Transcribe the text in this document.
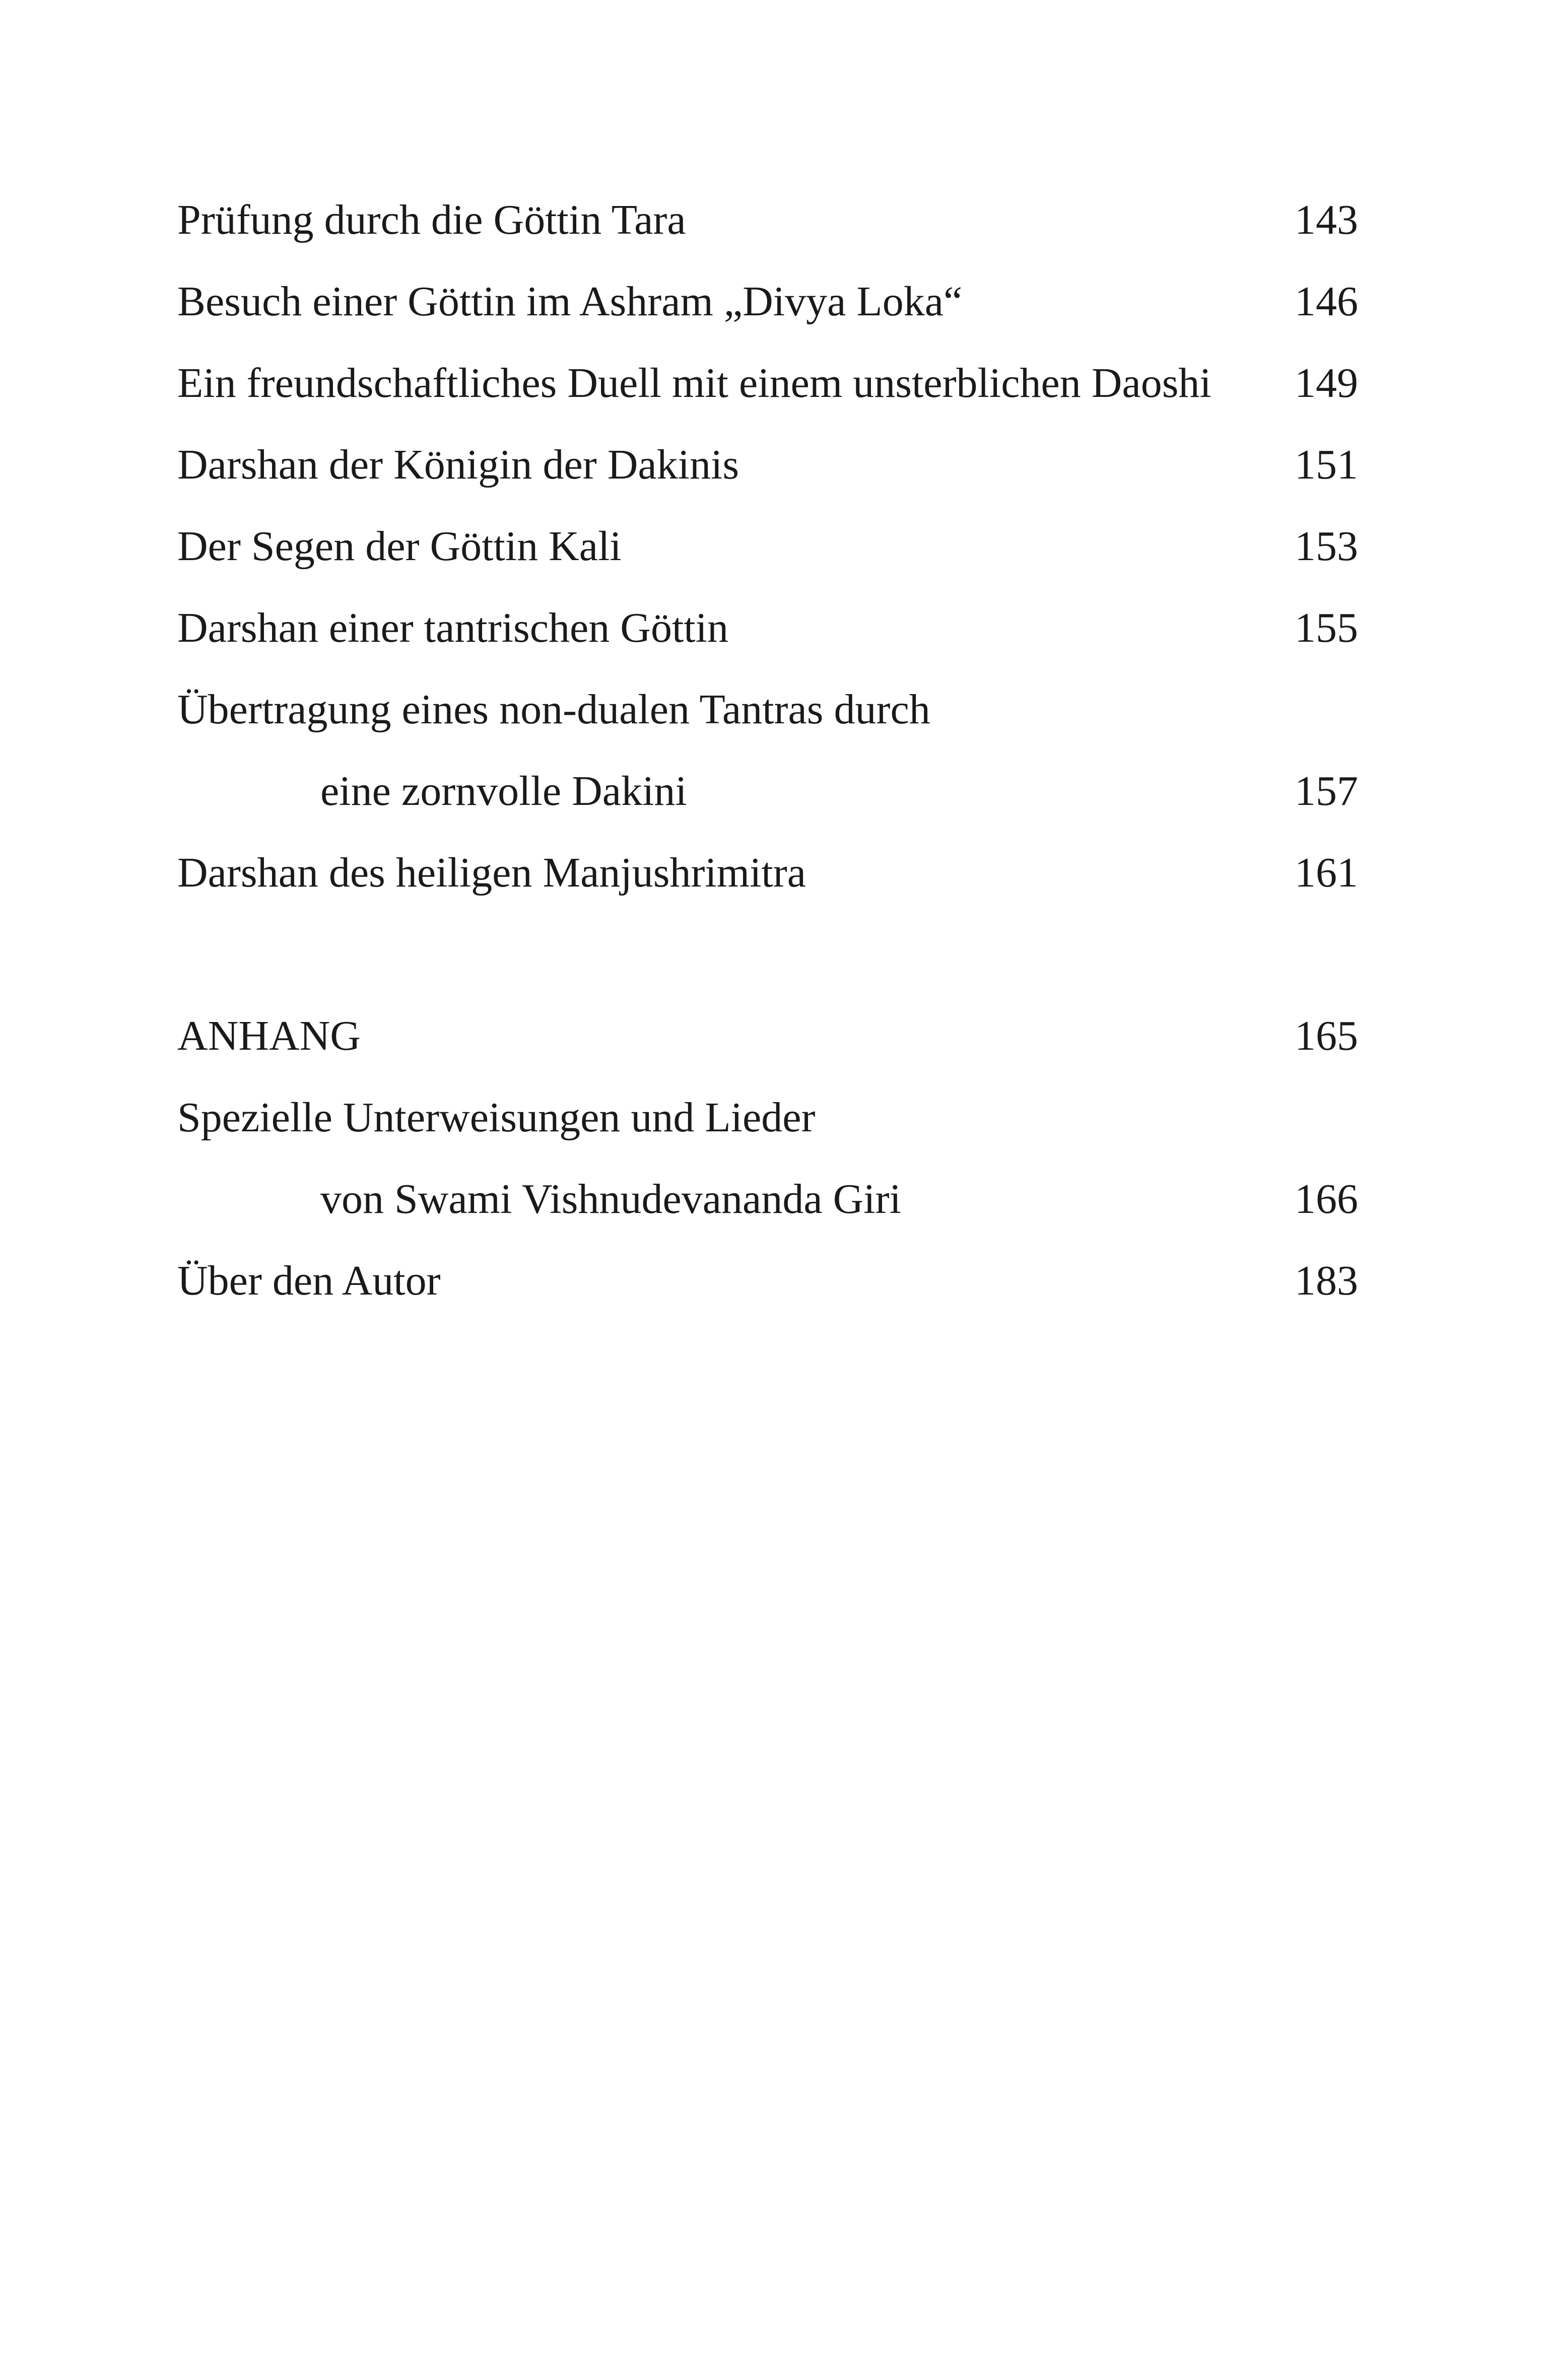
Prüfung durch die Göttin Tara	143
Besuch einer Göttin im Ashram „Divya Loka“	146
Ein freundschaftliches Duell mit einem unsterblichen Daoshi 149
Darshan der Königin der Dakinis	151
Der Segen der Göttin Kali	153
Darshan einer tantrischen Göttin	155
Übertragung eines non-dualen Tantras durch
eine zornvolle Dakini	157
Darshan des heiligen Manjushrimitra	161
ANHANG	165
Spezielle Unterweisungen und Lieder
von Swami Vishnudevananda Giri	166
Über den Autor	183
